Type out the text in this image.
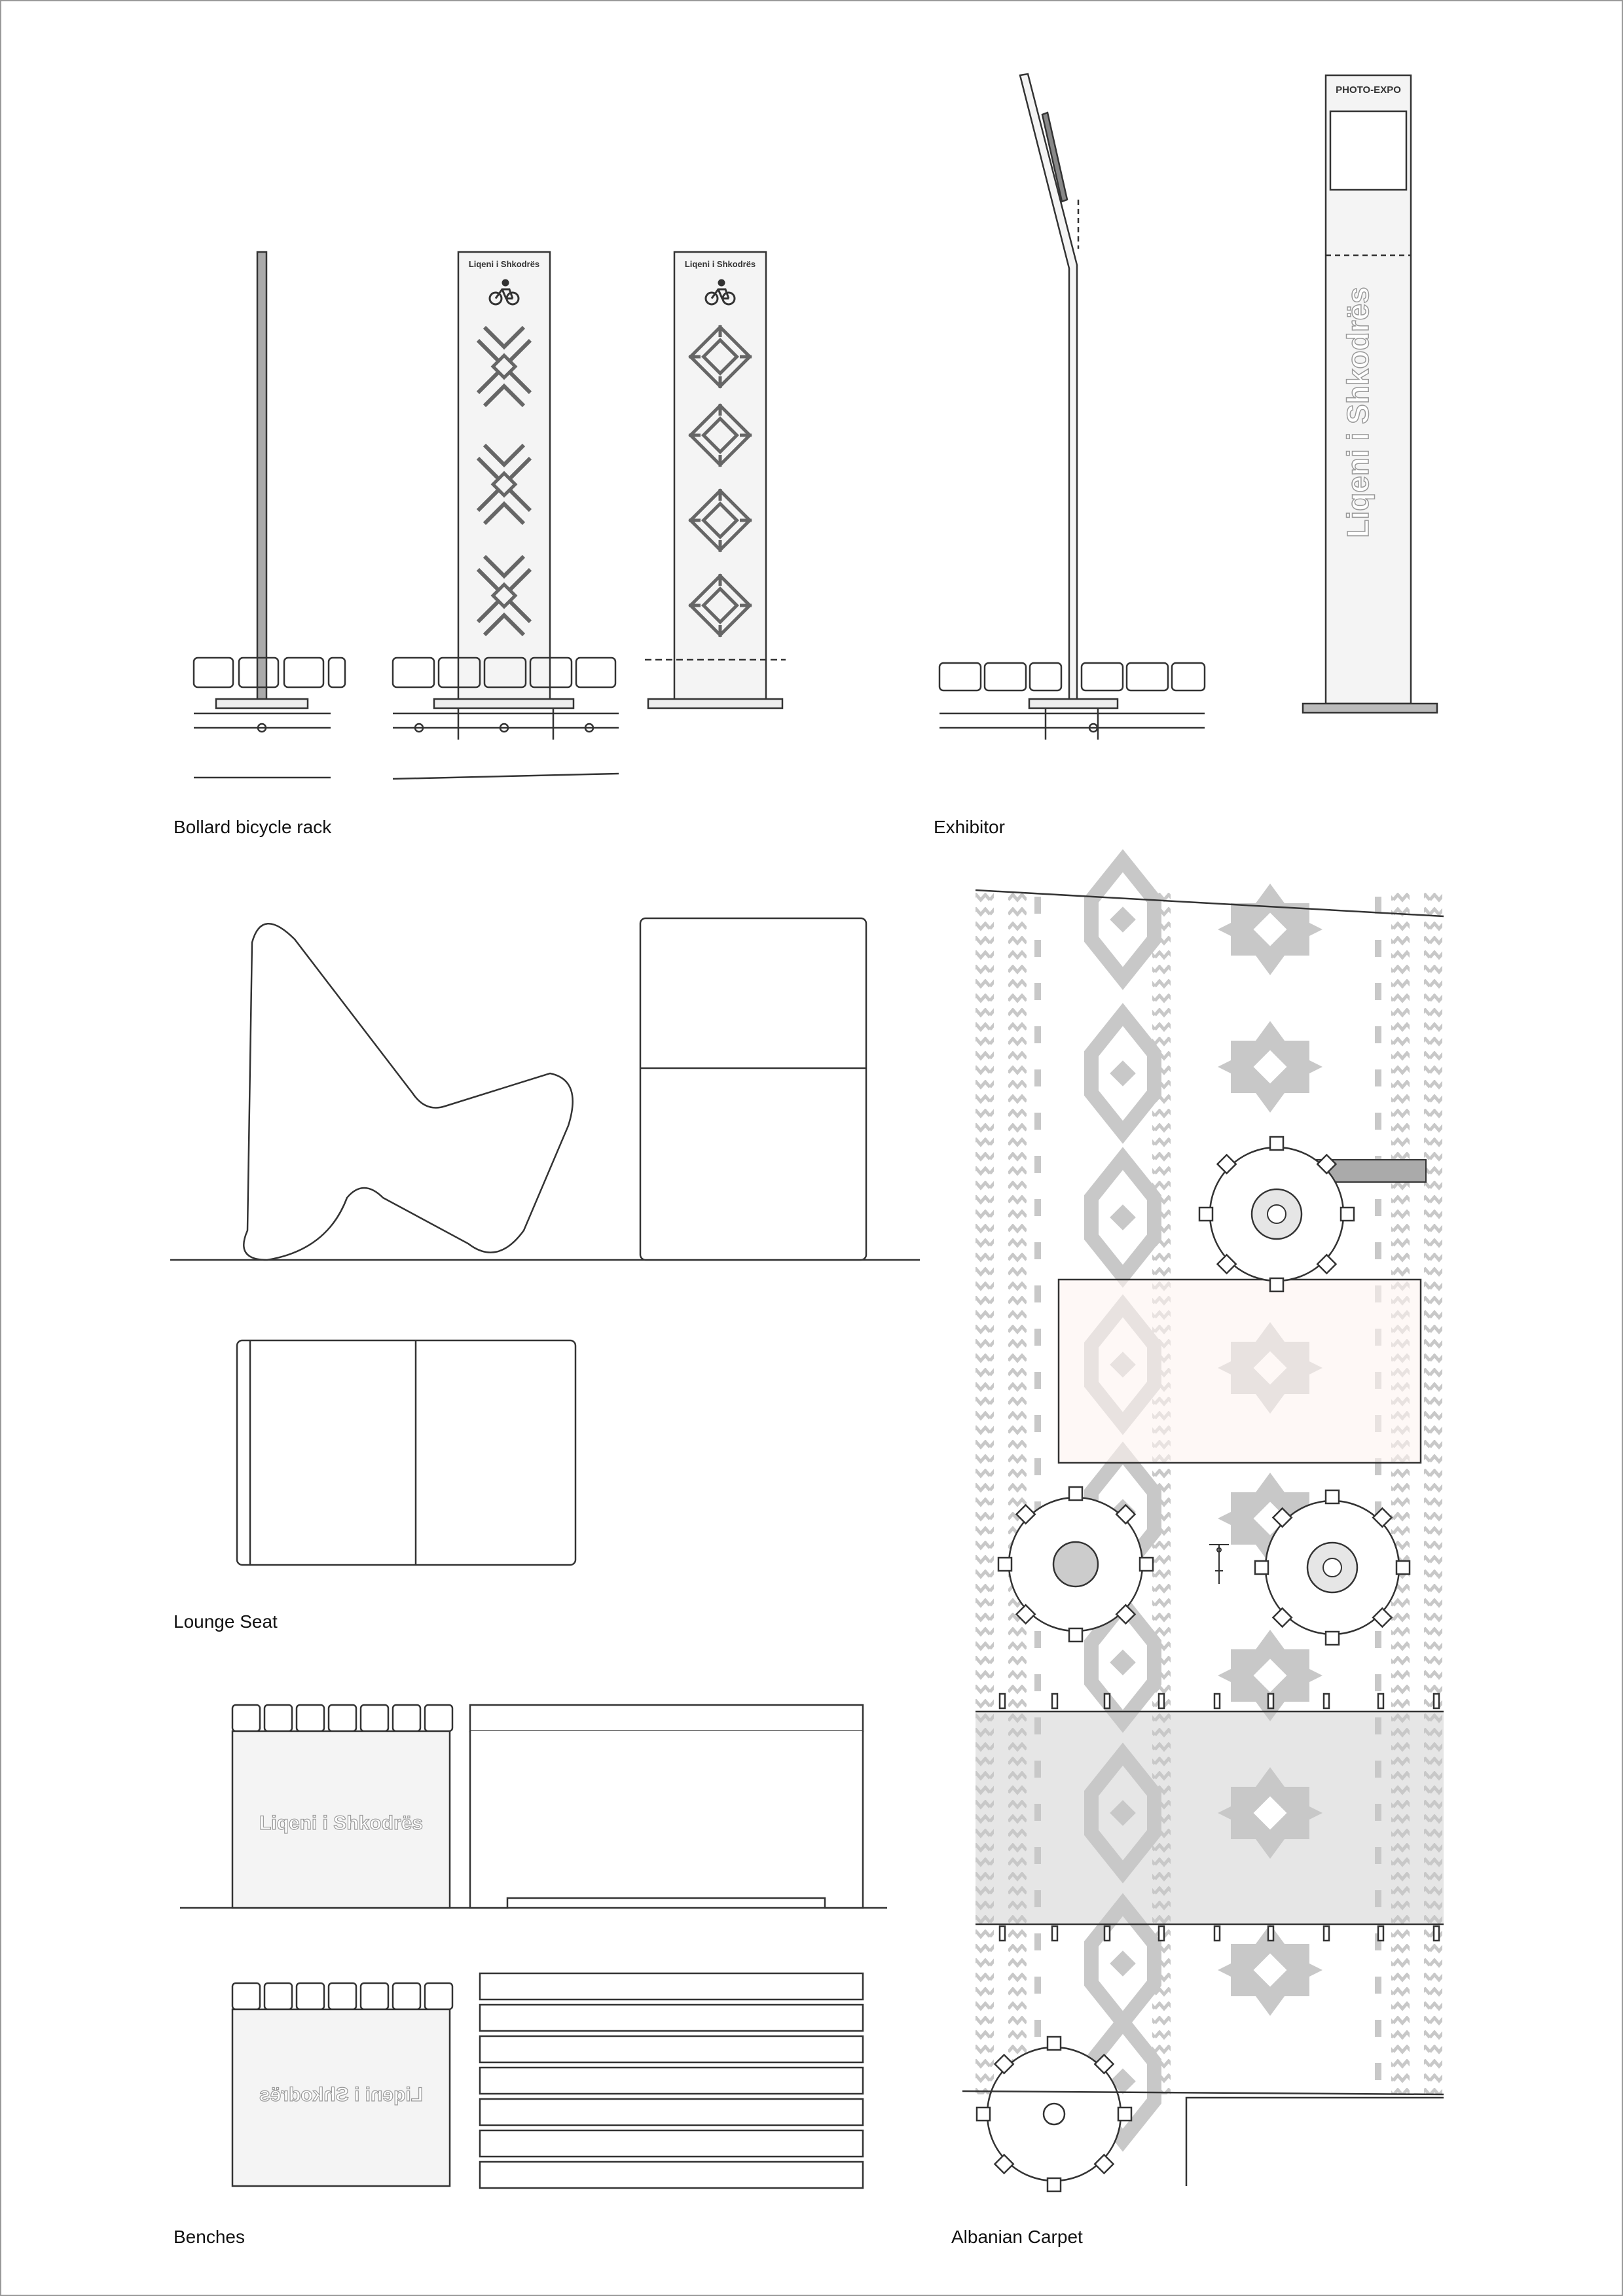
Liqeni i Shkodrës	Liqeni i Shkodrës
PHOTO-EXPO
Liqeni i Shkodrës
Liqeni i Shkodrës
Liqeni i Shkodrës
Bollard bicycle rack	Exhibitor
Lounge Seat
Benches	Albanian Carpet
